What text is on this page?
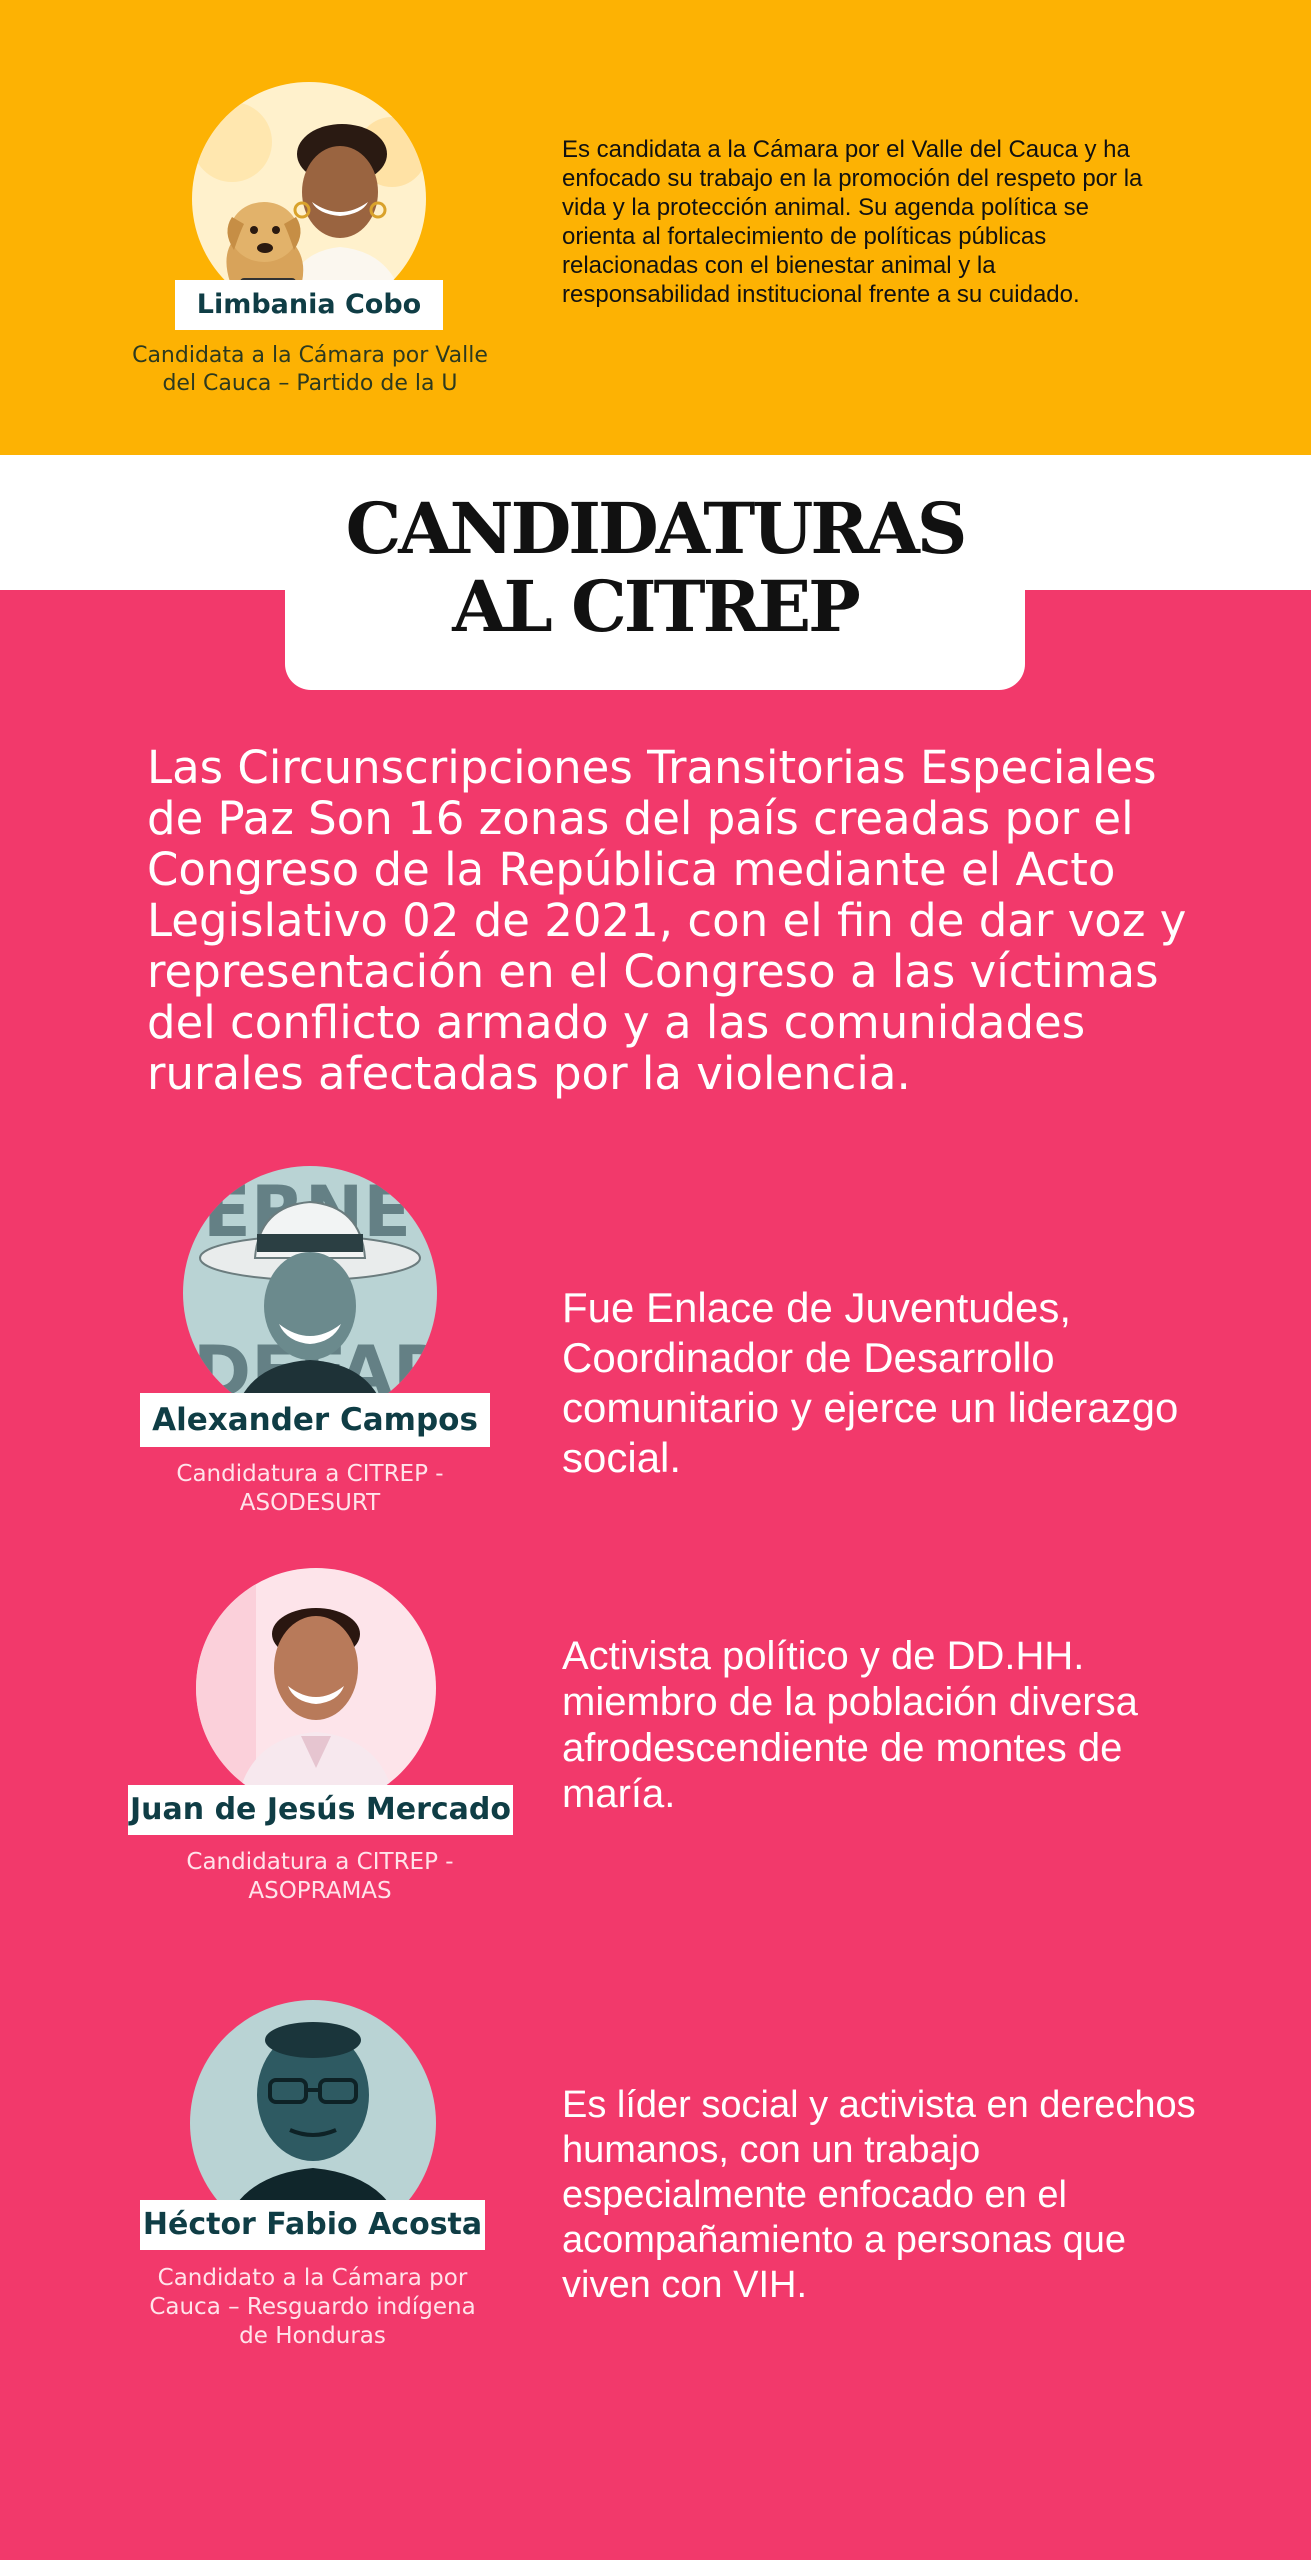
Limbania Cobo
Candidata a la Cámara por Valle del Cauca – Partido de la U
Es candidata a la Cámara por el Valle del Cauca y ha enfocado su trabajo en la promoción del respeto por la vida y la protección animal. Su agenda política se orienta al fortalecimiento de políticas públicas relacionadas con el bienestar animal y la responsabilidad institucional frente a su cuidado.
CANDIDATURAS
AL CITREP
Las Circunscripciones Transitorias Especiales de Paz Son 16 zonas del país creadas por el Congreso de la República mediante el Acto Legislativo 02 de 2021, con el fin de dar voz y representación en el Congreso a las víctimas del conflicto armado y a las comunidades rurales afectadas por la violencia.
Alexander Campos
Candidatura a CITREP - ASODESURT
Fue Enlace de Juventudes, Coordinador de Desarrollo comunitario y ejerce un liderazgo social.
Juan de Jesús Mercado
Candidatura a CITREP - ASOPRAMAS
Activista político y de DD.HH. miembro de la población diversa afrodescendiente de montes de maría.
Héctor Fabio Acosta
Candidato a la Cámara por Cauca – Resguardo indígena de Honduras
Es líder social y activista en derechos humanos, con un trabajo especialmente enfocado en el acompañamiento a personas que viven con VIH.
